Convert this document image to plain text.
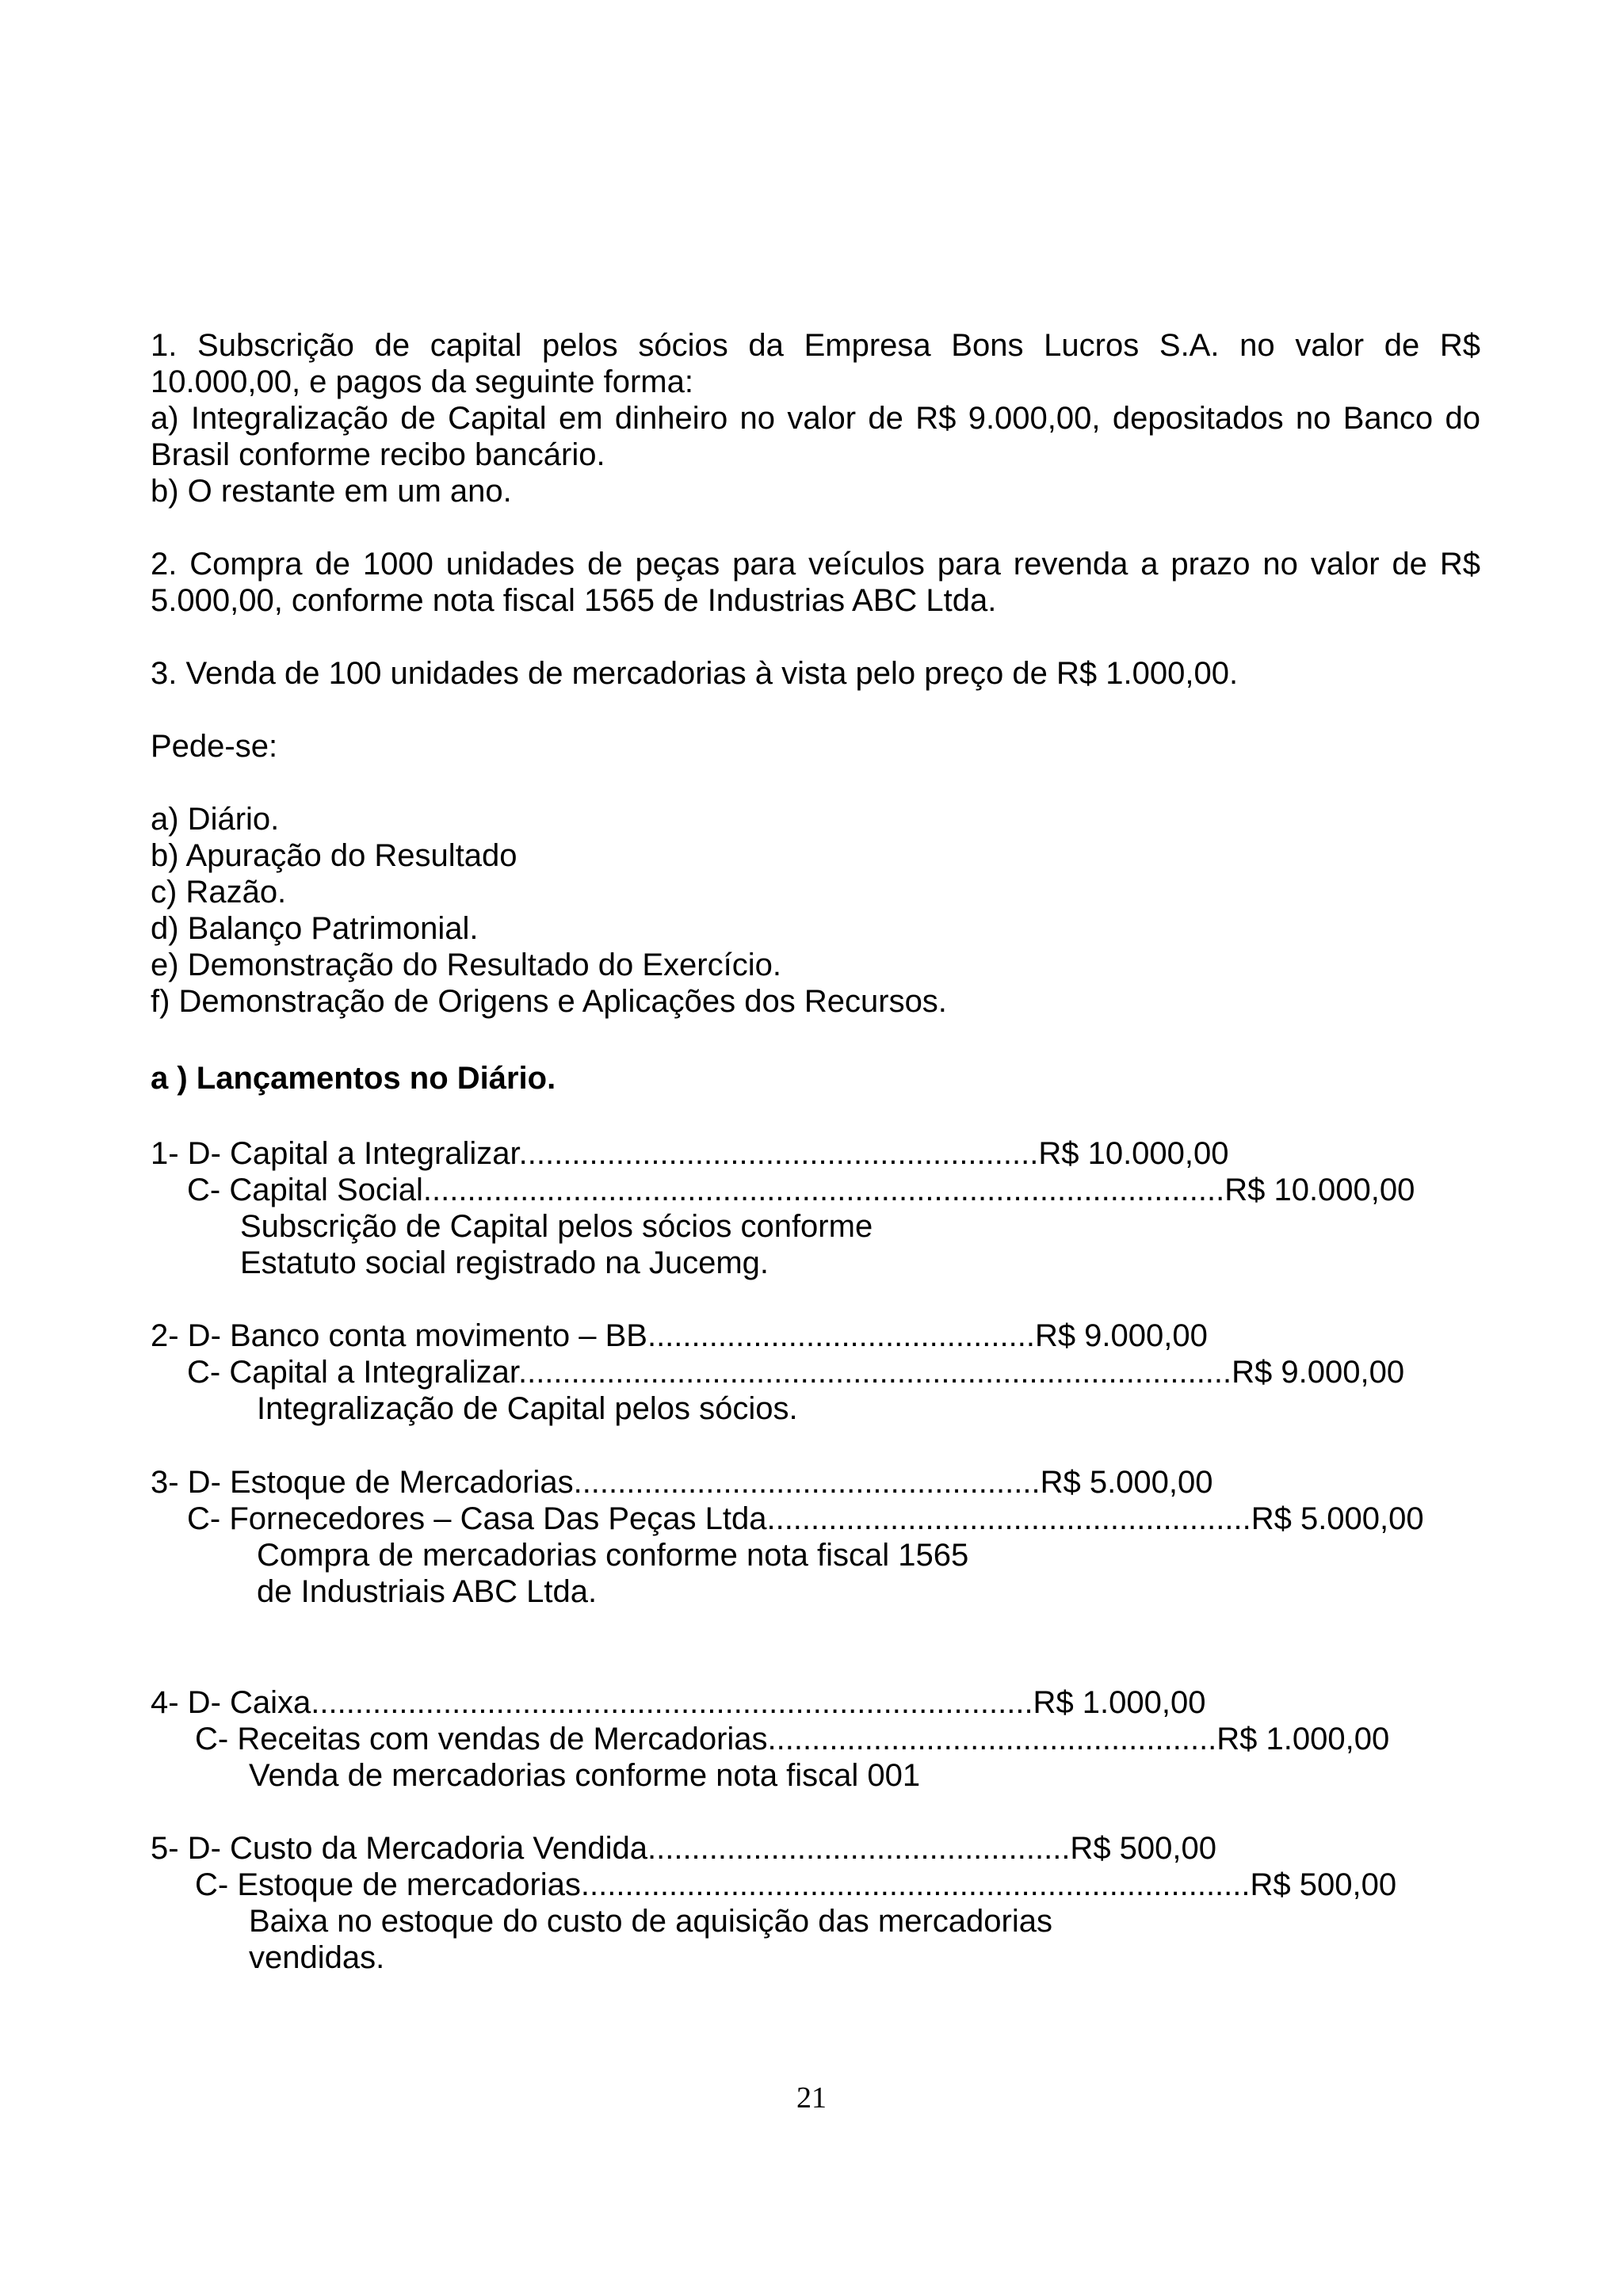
1. Subscrição de capital pelos sócios da Empresa Bons Lucros S.A. no valor de R$
10.000,00, e pagos da seguinte forma:
a) Integralização de Capital em dinheiro no valor de R$ 9.000,00, depositados no Banco do
Brasil conforme recibo bancário.
b) O restante em um ano.
2. Compra de 1000 unidades de peças para veículos para revenda a prazo no valor de R$
5.000,00, conforme nota fiscal 1565 de Industrias ABC Ltda.
3. Venda de 100 unidades de mercadorias à vista pelo preço de R$ 1.000,00.
Pede-se:
a) Diário.
b) Apuração do Resultado
c) Razão.
d) Balanço Patrimonial.
e) Demonstração do Resultado do Exercício.
f) Demonstração de Origens e Aplicações dos Recursos.
a ) Lançamentos no Diário.
1- D- Capital a Integralizar...........................................................R$ 10.000,00
C- Capital Social...........................................................................................R$ 10.000,00
Subscrição de Capital pelos sócios conforme
Estatuto social registrado na Jucemg.
2- D- Banco conta movimento – BB............................................R$ 9.000,00
C- Capital a Integralizar.................................................................................R$ 9.000,00
Integralização de Capital pelos sócios.
3- D- Estoque de Mercadorias.....................................................R$ 5.000,00
C- Fornecedores – Casa Das Peças Ltda.......................................................R$ 5.000,00
Compra de mercadorias conforme nota fiscal 1565
de Industriais ABC Ltda.
4- D- Caixa..................................................................................R$ 1.000,00
C- Receitas com vendas de Mercadorias...................................................R$ 1.000,00
Venda de mercadorias conforme nota fiscal 001
5- D- Custo da Mercadoria Vendida................................................R$ 500,00
C- Estoque de mercadorias............................................................................R$ 500,00
Baixa no estoque do custo de aquisição das mercadorias
vendidas.
21
